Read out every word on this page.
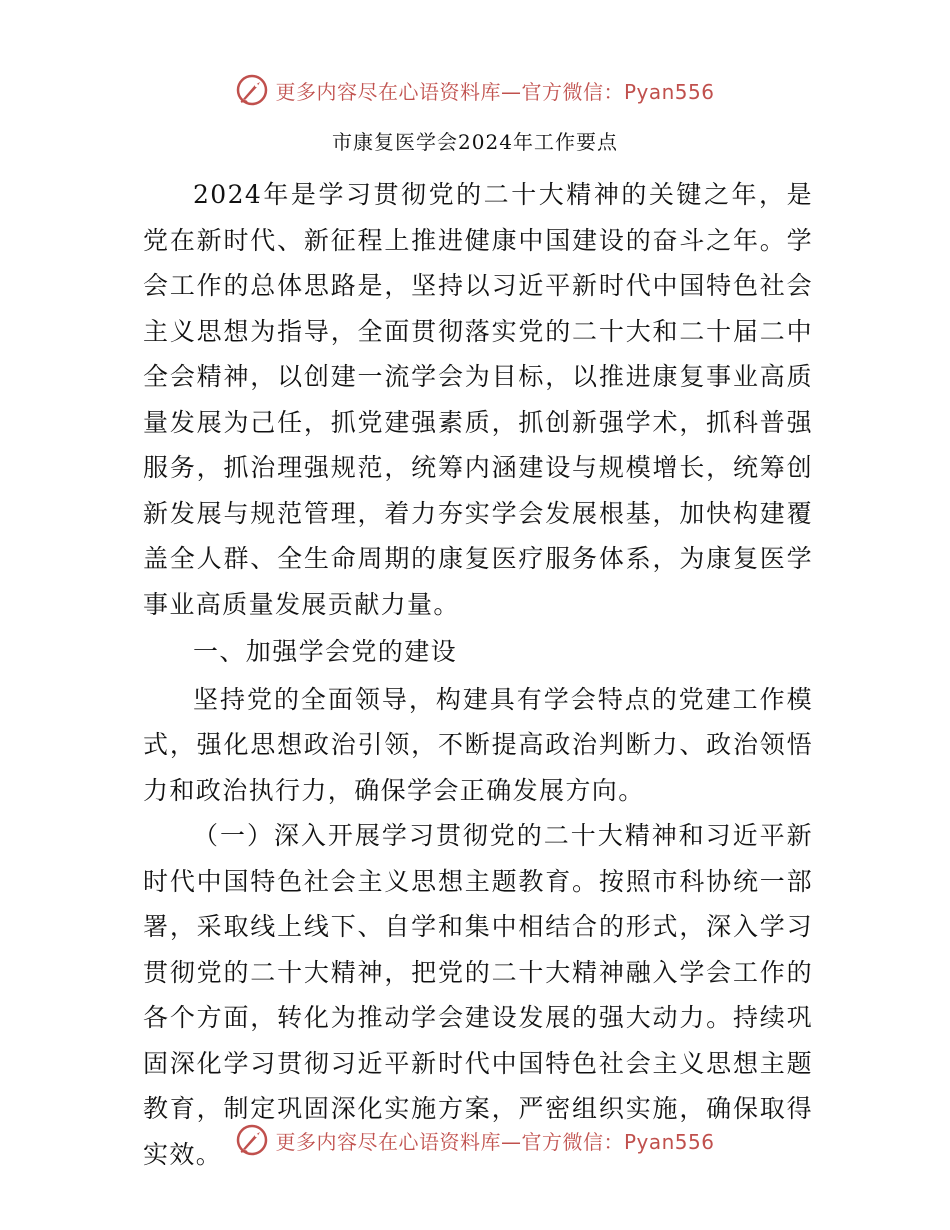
更多内容尽在心语资料库—官方微信：Pyan556
市康复医学会2024年工作要点

2024年是学习贯彻党的二十大精神的关键之年，是党在新时代、新征程上推进健康中国建设的奋斗之年。学会工作的总体思路是，坚持以习近平新时代中国特色社会主义思想为指导，全面贯彻落实党的二十大和二十届二中全会精神，以创建一流学会为目标，以推进康复事业高质量发展为己任，抓党建强素质，抓创新强学术，抓科普强服务，抓治理强规范，统筹内涵建设与规模增长，统筹创新发展与规范管理，着力夯实学会发展根基，加快构建覆盖全人群、全生命周期的康复医疗服务体系，为康复医学事业高质量发展贡献力量。

一、加强学会党的建设

坚持党的全面领导，构建具有学会特点的党建工作模式，强化思想政治引领，不断提高政治判断力、政治领悟力和政治执行力，确保学会正确发展方向。

（一）深入开展学习贯彻党的二十大精神和习近平新时代中国特色社会主义思想主题教育。按照市科协统一部署，采取线上线下、自学和集中相结合的形式，深入学习贯彻党的二十大精神，把党的二十大精神融入学会工作的各个方面，转化为推动学会建设发展的强大动力。持续巩固深化学习贯彻习近平新时代中国特色社会主义思想主题教育，制定巩固深化实施方案，严密组织实施，确保取得实效。	更多内容尽在心语资料库—官方微信：Pyan556
